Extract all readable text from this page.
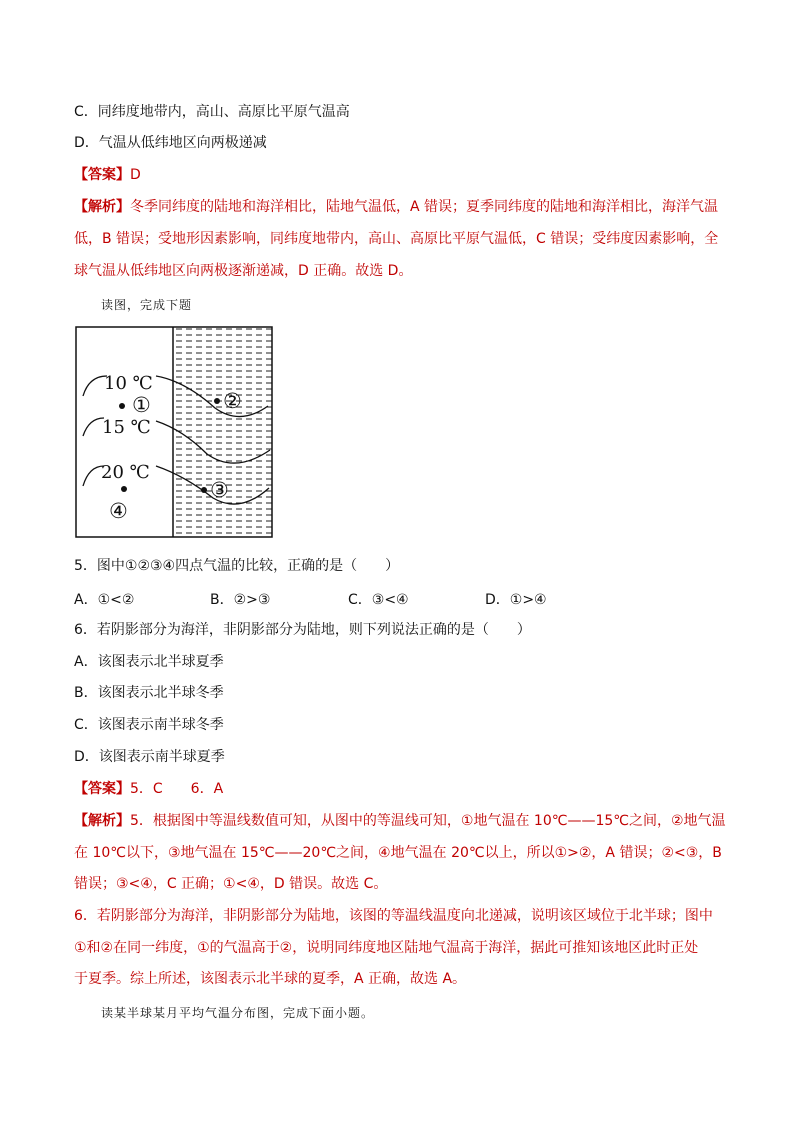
C．同纬度地带内，高山、高原比平原气温高
D．气温从低纬地区向两极递减
【答案】D
【解析】冬季同纬度的陆地和海洋相比，陆地气温低，A 错误；夏季同纬度的陆地和海洋相比，海洋气温
低，B 错误；受地形因素影响，同纬度地带内，高山、高原比平原气温低，C 错误；受纬度因素影响，全
球气温从低纬地区向两极逐渐递减，D 正确。故选 D。
读图，完成下题
10 ℃
15 ℃
20 ℃
①	②
③
④
5．图中①②③④四点气温的比较，正确的是（　　）
A．①<②	B．②>③	C．③<④	D．①>④
6．若阴影部分为海洋，非阴影部分为陆地，则下列说法正确的是（　　）
A．该图表示北半球夏季
B．该图表示北半球冬季
C．该图表示南半球冬季
D．该图表示南半球夏季
【答案】5．C　　6．A
【解析】5．根据图中等温线数值可知，从图中的等温线可知，①地气温在 10℃——15℃之间，②地气温
在 10℃以下，③地气温在 15℃——20℃之间，④地气温在 20℃以上，所以①>②，A 错误；②<③，B
错误；③<④，C 正确；①<④，D 错误。故选 C。
6．若阴影部分为海洋，非阴影部分为陆地，该图的等温线温度向北递减，说明该区域位于北半球；图中
①和②在同一纬度，①的气温高于②，说明同纬度地区陆地气温高于海洋，据此可推知该地区此时正处
于夏季。综上所述，该图表示北半球的夏季，A 正确，故选 A。
读某半球某月平均气温分布图，完成下面小题。
